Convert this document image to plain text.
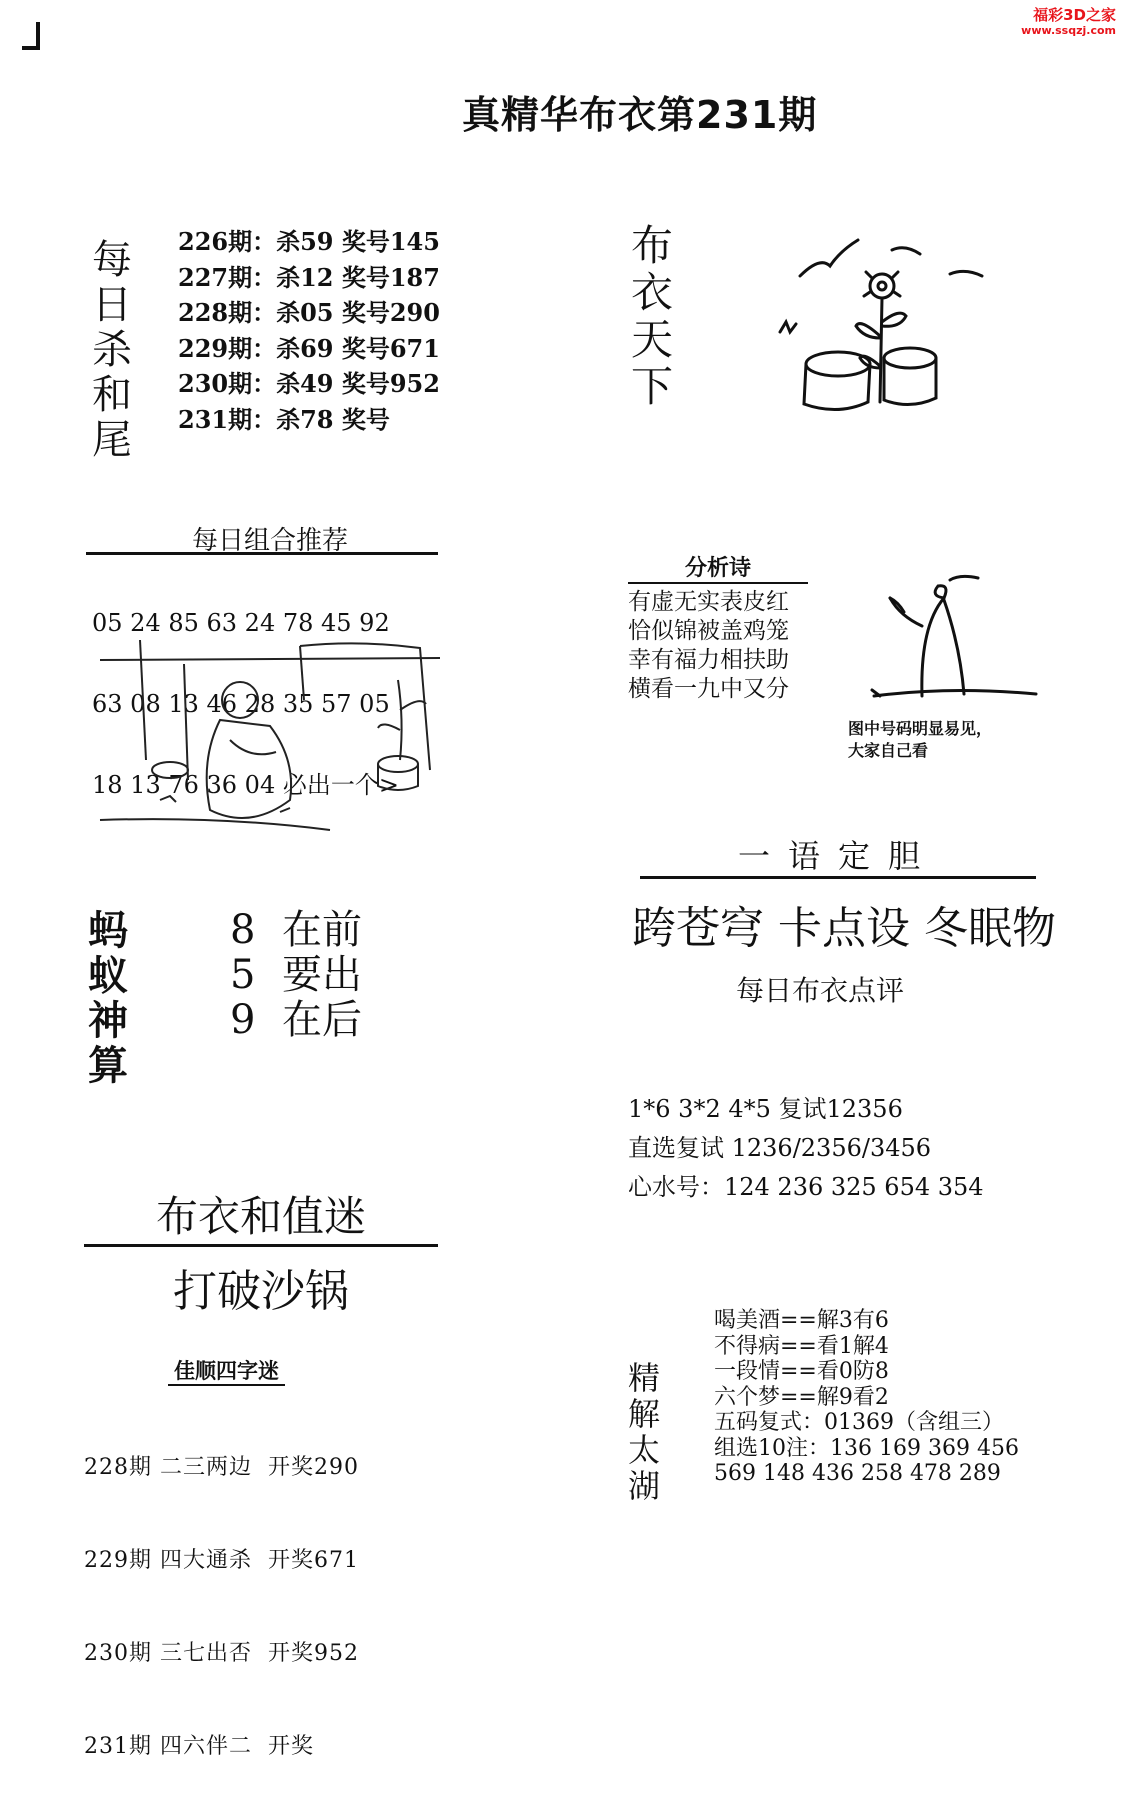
福彩3D之家
www.ssqzj.com
真精华布衣第231期
每
日
杀
和
尾
226期：杀59 奖号145
227期：杀12 奖号187
228期：杀05 奖号290
229期：杀69 奖号671
230期：杀49 奖号952
231期：杀78 奖号
布
衣
天
下
每日组合推荐

05 24 85 63 24 78 45 92

63 08 13 46 28 35 57 05

18 13 76 36 04 必出一个>

分析诗
有虚无实表皮红
恰似锦被盖鸡笼
幸有福力相扶助
横看一九中又分
图中号码明显易见，
大家自己看
蚂
蚁
神
算
8 在前
5 要出
9 在后
一语定胆
跨苍穹 卡点设 冬眠物
每日布衣点评
1*6 3*2 4*5 复试12356
直选复试 1236/2356/3456
心水号：124 236 325 654 354
布衣和值迷
打破沙锅
佳顺四字迷

228期 二三两边  开奖290

229期 四大通杀  开奖671

230期 三七出否  开奖952

231期 四六伴二  开奖

精
解
太
湖
喝美酒==解3有6
不得病==看1解4
一段情==看0防8
六个梦==解9看2
五码复式：01369（含组三）
组选10注：136 169 369 456
569 148 436 258 478 289
